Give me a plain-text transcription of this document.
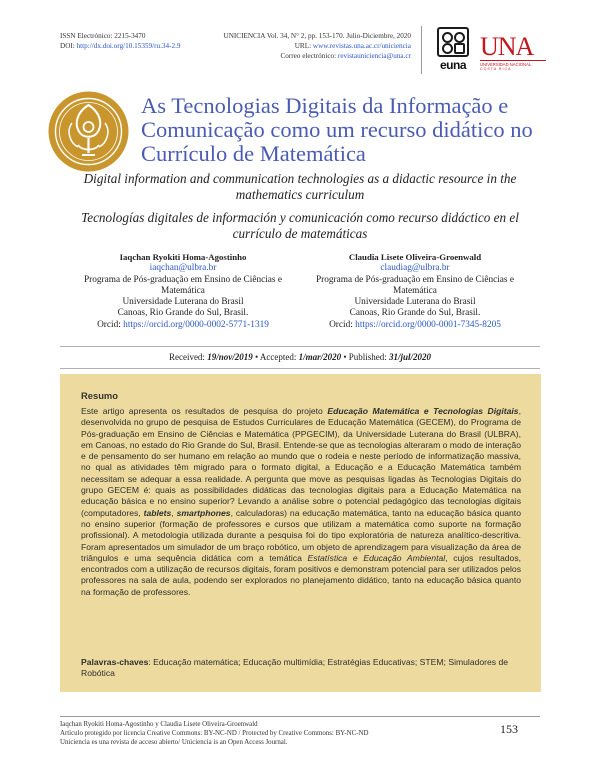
ISSN Electrónico: 2215-3470
DOI: http://dx.doi.org/10.15359/ru.34-2.9
UNICIENCIA Vol. 34, N° 2, pp. 153-170. Julio-Diciembre, 2020
URL: www.revistas.una.ac.cr/uniciencia
Correo electrónico: revistauniciencia@una.cr
euna
UNA
UNIVERSIDAD NACIONAL
COSTA RICA
As Tecnologias Digitais da Informação e Comunicação como um recurso didático no Currículo de Matemática
Digital information and communication technologies as a didactic resource in the mathematics curriculum
Tecnologías digitales de información y comunicación como recurso didáctico en el currículo de matemáticas
Iaqchan Ryokiti Homa-Agostinho
iaqchan@ulbra.br
Programa de Pós-graduação em Ensino de Ciências e Matemática
Universidade Luterana do Brasil
Canoas, Rio Grande do Sul, Brasil.
Orcid: https://orcid.org/0000-0002-5771-1319
Claudia Lisete Oliveira-Groenwald
claudiag@ulbra.br
Programa de Pós-graduação em Ensino de Ciências e Matemática
Universidade Luterana do Brasil
Canoas, Rio Grande do Sul, Brasil.
Orcid: https://orcid.org/0000-0001-7345-8205
Received: 19/nov/2019 • Accepted: 1/mar/2020 • Published: 31/jul/2020
Resumo
Este artigo apresenta os resultados de pesquisa do projeto Educação Matemática e Tecnologias Digitais, desenvolvida no grupo de pesquisa de Estudos Curriculares de Educação Matemática (GECEM), do Programa de Pós-graduação em Ensino de Ciências e Matemática (PPGECIM), da Universidade Luterana do Brasil (ULBRA), em Canoas, no estado do Rio Grande do Sul, Brasil. Entende-se que as tecnologias alteraram o modo de interação e de pensamento do ser humano em relação ao mundo que o rodeia e neste período de informatização massiva, no qual as atividades têm migrado para o formato digital, a Educação e a Educação Matemática também necessitam se adequar a essa realidade. A pergunta que move as pesquisas ligadas às Tecnologias Digitais do grupo GECEM é: quais as possibilidades didáticas das tecnologias digitais para a Educação Matemática na educação básica e no ensino superior? Levando a análise sobre o potencial pedagógico das tecnologias digitais (computadores, tablets, smartphones, calculadoras) na educação matemática, tanto na educação básica quanto no ensino superior (formação de professores e cursos que utilizam a matemática como suporte na formação profissional). A metodologia utilizada durante a pesquisa foi do tipo exploratória de natureza analítico-descritiva. Foram apresentados um simulador de um braço robótico, um objeto de aprendizagem para visualização da área de triângulos e uma sequência didática com a temática Estatística e Educação Ambiental, cujos resultados, encontrados com a utilização de recursos digitais, foram positivos e demonstram potencial para ser utilizados pelos professores na sala de aula, podendo ser explorados no planejamento didático, tanto na educação básica quanto na formação de professores.
Palavras-chaves: Educação matemática; Educação multimídia; Estratégias Educativas; STEM; Simuladores de Robótica
Iaqchan Ryokiti Homa-Agostinho y Claudia Lisete Oliveira-Groenwald
Artículo protegido por licencia Creative Commons: BY-NC-ND / Protected by Creative Commons: BY-NC-ND
Uniciencia es una revista de acceso abierto/ Uniciencia is an Open Access Journal.
153
